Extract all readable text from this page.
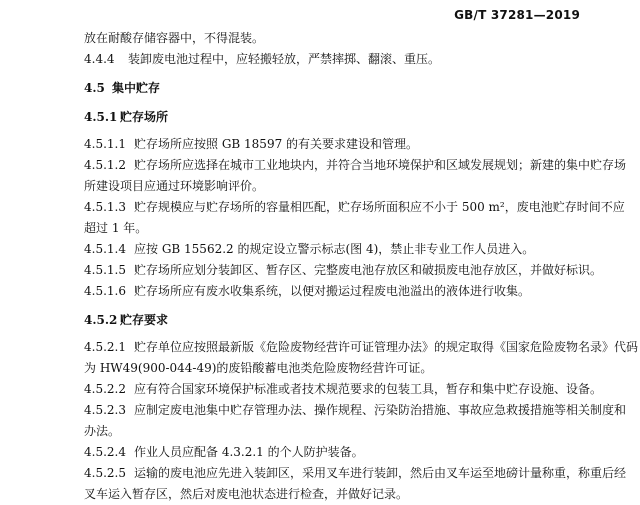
GB/T 37281—2019
放在耐酸存储容器中，不得混装。
4.4.4 装卸废电池过程中，应轻搬轻放，严禁摔掷、翻滚、重压。
4.5 集中贮存
4.5.1 贮存场所
4.5.1.1 贮存场所应按照 GB 18597 的有关要求建设和管理。
4.5.1.2 贮存场所应选择在城市工业地块内，并符合当地环境保护和区域发展规划；新建的集中贮存场
所建设项目应通过环境影响评价。
4.5.1.3 贮存规模应与贮存场所的容量相匹配，贮存场所面积应不小于 500 m²，废电池贮存时间不应
超过 1 年。
4.5.1.4 应按 GB 15562.2 的规定设立警示标志(图 4)，禁止非专业工作人员进入。
4.5.1.5 贮存场所应划分装卸区、暂存区、完整废电池存放区和破损废电池存放区，并做好标识。
4.5.1.6 贮存场所应有废水收集系统，以便对搬运过程废电池溢出的液体进行收集。
4.5.2 贮存要求
4.5.2.1 贮存单位应按照最新版《危险废物经营许可证管理办法》的规定取得《国家危险废物名录》代码
为 HW49(900-044-49)的废铅酸蓄电池类危险废物经营许可证。
4.5.2.2 应有符合国家环境保护标准或者技术规范要求的包装工具，暂存和集中贮存设施、设备。
4.5.2.3 应制定废电池集中贮存管理办法、操作规程、污染防治措施、事故应急救援措施等相关制度和
办法。
4.5.2.4 作业人员应配备 4.3.2.1 的个人防护装备。
4.5.2.5 运输的废电池应先进入装卸区，采用叉车进行装卸，然后由叉车运至地磅计量称重，称重后经
叉车运入暂存区，然后对废电池状态进行检查，并做好记录。
